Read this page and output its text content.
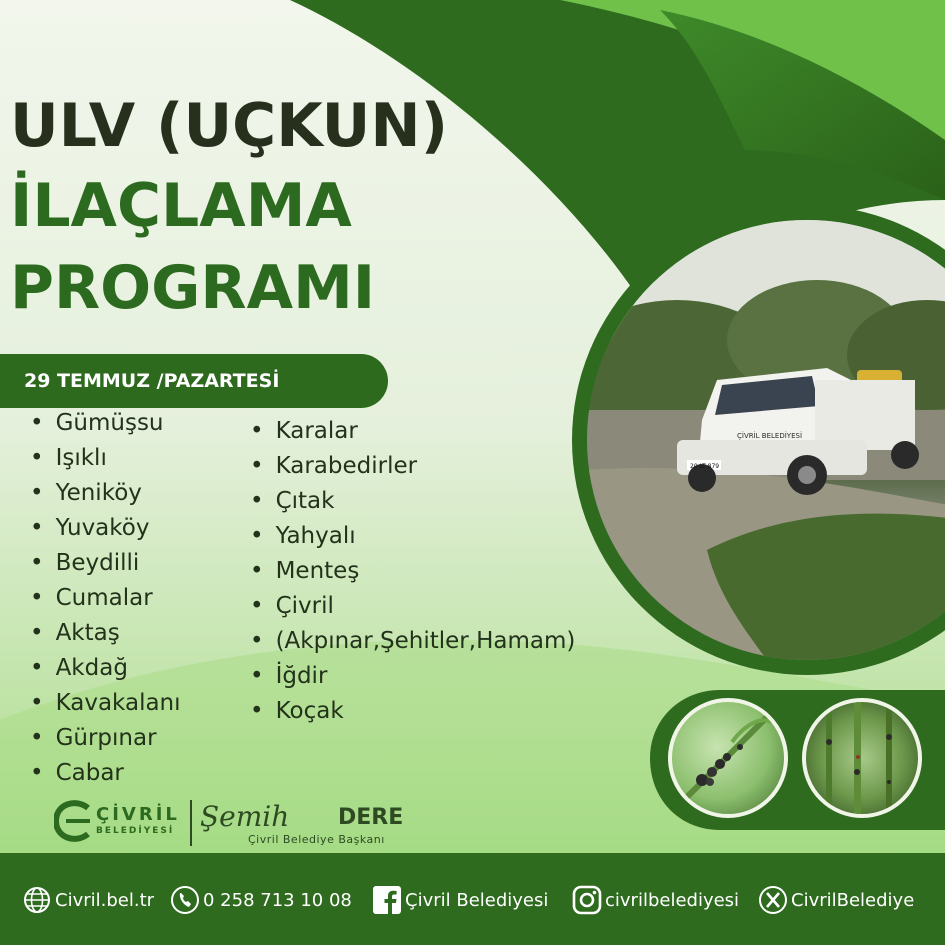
ULV (UÇKUN)
İLAÇLAMA
PROGRAMI
29 TEMMUZ /PAZARTESİ
• Gümüşsu
• Işıklı
• Yeniköy
• Yuvaköy
• Beydilli
• Cumalar
• Aktaş
• Akdağ
• Kavakalanı
• Gürpınar
• Cabar
• Karalar
• Karabedirler
• Çıtak
• Yahyalı
• Menteş
• Çivril
• (Akpınar,Şehitler,Hamam)
• İğdir
• Koçak
ÇİVRİL BELEDİYESİ
20 LT 879
ÇİVRİL
BELEDİYESİ Şemih DERE
Çivril Belediye Başkanı
Civril.bel.tr	0 258 713 10 08	Çivril Belediyesi	civrilbelediyesi	CivrilBelediye
